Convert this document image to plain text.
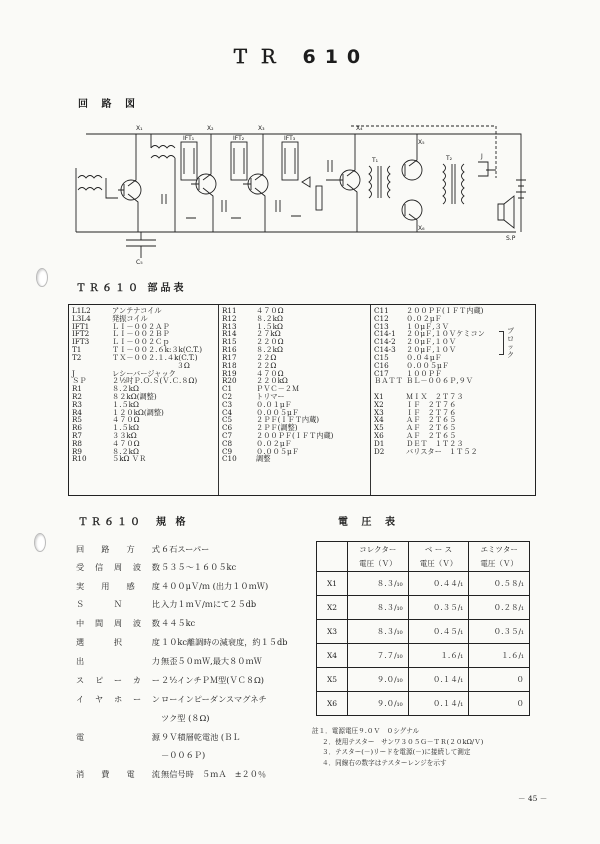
ＴＲ 610
回 路 図
X₁	X₂	X₃	X₄
X₅
X₆
IFT₁	IFT₂	IFT₃
T₁	T₂
C₅
S.P
J
ＴＲ６１０ 部品表
L1L2	アンテナコイル
L3L4	発振コイル
IFT1	ＬＩ－００２ＡＰ
IFT2	ＬＩ－００２ＢＰ
IFT3	ＬＩ－００２Ｃｐ
T1	ＴＩ－００２.６k:３k(C.T.)
T2	ＴＸ－００２.１.４k(C.T.)
　　　　　　　　　３Ω
J	レシーバージャック
ＳＰ	２½吋Ｐ.Ｏ.Ｓ(Ｖ.Ｃ.８Ω)
R1	８.２kΩ
R2	８２kΩ(調整)
R3	１.５kΩ
R4	１２０kΩ(調整)
R5	４７０Ω
R6	１.５kΩ
R7	３３kΩ
R8	４７０Ω
R9	８.２kΩ
R10	５kΩ ＶＲ
R11	４７０Ω
R12	８.２kΩ
R13	１.５kΩ
R14	２７kΩ
R15	２２０Ω
R16	８.２kΩ
R17	２２Ω
R18	２２Ω
R19	４７０Ω
R20	２２０kΩ
C1	ＰＶＣ－２Ｍ
C2	トリマー
C3	０.０１μＦ
C4	０.００５μＦ
C5	２ＰＦ(ＩＦＴ内蔵)
C6	２ＰＦ(調整)
C7	２００ＰＦ(ＩＦＴ内蔵)
C8	０.０２μＦ
C9	０.００５μＦ
C10	調整
C11 ２００ＰＦ(ＩＦＴ内蔵)
C12 ０.０２μＦ
C13 １０μＦ,３Ｖ
C14-1 ２０μＦ,１０Ｖケミコン
C14-2 ２０μＦ,１０Ｖ
C14-3 ２０μＦ,１０Ｖ
C15 ０.０４μＦ
C16 ０.００５μＦ
C17 １００ＰＦ
ＢＡＴＴ ＢＬ－００６Ｐ,９Ｖ
X1	ＭＩＸ　２Ｔ７３
X2	ＩＦ　２Ｔ７６
X3	ＩＦ　２Ｔ７６
X4	ＡＦ　２Ｔ６５
X5	ＡＦ　２Ｔ６５
X6	ＡＦ　２Ｔ６５
D1	ＤＥＴ　１Ｔ２３
D2	バリスター　１Ｔ５２
ブロック
ＴＲ６１０　規 格
回路方式 ６石スーパー
受信周波数 ５３５～１６０５kc
実用感度 ４００μＶ/ｍ (出力１０ｍＷ)
ＳＮ比 入力１ｍＶ/ｍにて２５db
中間周波数 ４４５kc
選択度 １０kc離調時の減衰度，約１５db
出力 無歪５０ｍＷ,最大８０ｍＷ
スピーカー ２½インチＰＭ型(ＶＣ８Ω)
イヤホーン ローインピーダンスマグネチ
ツク型 (８Ω)
電源 ９Ｖ積層乾電池 (ＢＬ
－００６Ｐ)
消費電流 無信号時　５ｍＡ　±２０％
電 圧 表
	コレクター	ベ ー ス	エミツター
	電圧（Ｖ）	電圧（Ｖ）	電圧（Ｖ）
X1	８.３/₁₀	０.４４/₁	０.５８/₁
X2	８.３/₁₀	０.３５/₁	０.２８/₁
X3	８.３/₁₀	０.４５/₁	０.３５/₁
X4	７.７/₁₀	１.６/₁	１.６/₁
X5	９.０/₁₀	０.１４/₁	０
X6	９.０/₁₀	０.１４/₁	０
註１．電源電圧９.０Ｖ　０シグナル
２．使用テスター　サンワ３０５Ｇ－ＴＲ(２０kΩ/Ｖ)
３．テスター(－)リードを電源(－)に接続して測定
４．同線右の数字はテスターレンジを示す
－ 45 －
